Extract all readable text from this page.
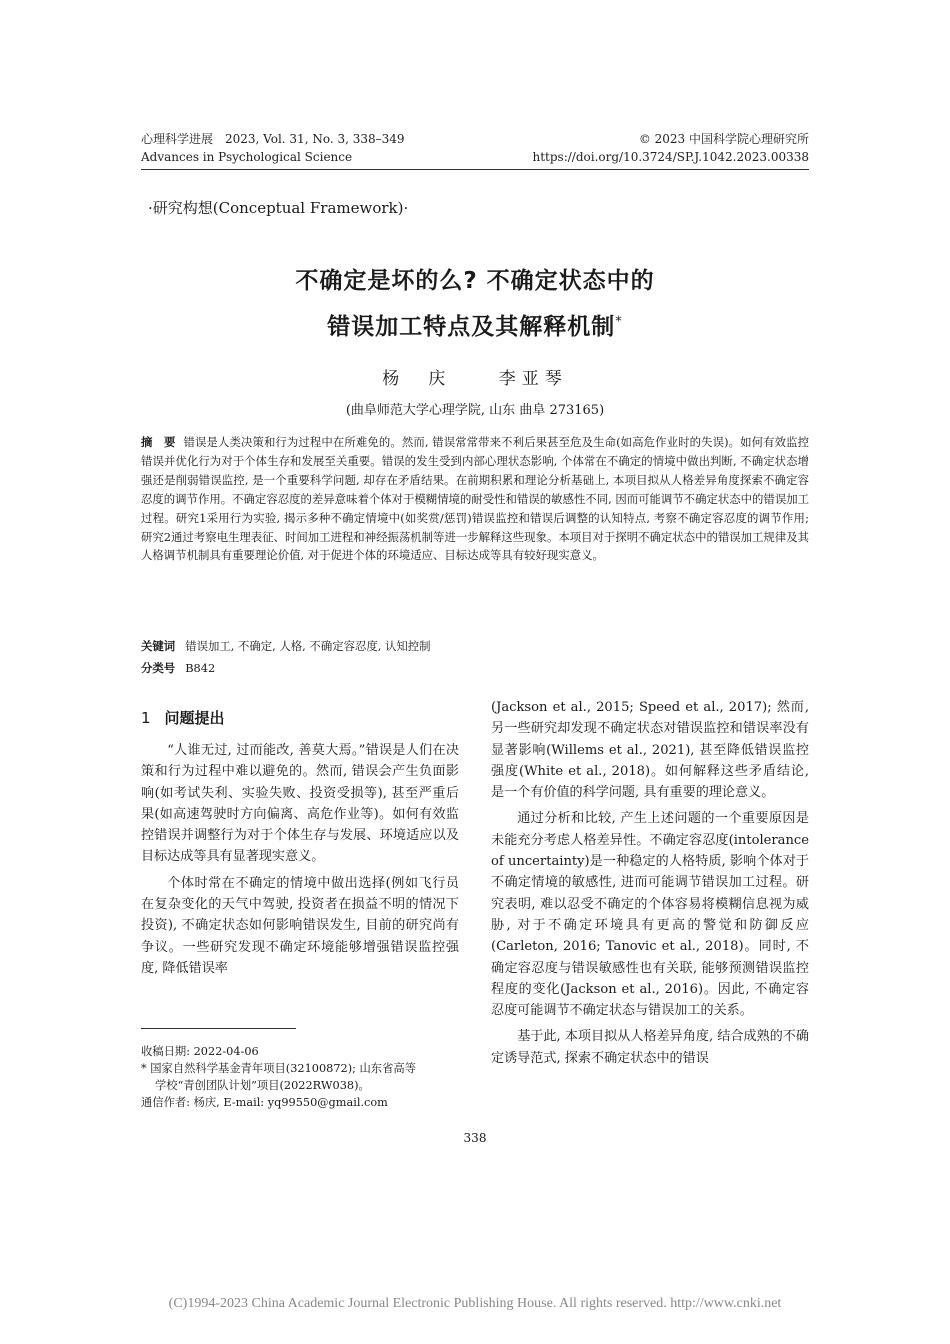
心理科学进展　2023, Vol. 31, No. 3, 338–349
Advances in Psychological Science
© 2023 中国科学院心理研究所
https://doi.org/10.3724/SP.J.1042.2023.00338
·研究构想(Conceptual Framework)·
不确定是坏的么? 不确定状态中的
错误加工特点及其解释机制*
杨　庆	李亚琴
(曲阜师范大学心理学院, 山东 曲阜 273165)
摘　要 错误是人类决策和行为过程中在所难免的。然而, 错误常常带来不利后果甚至危及生命(如高危作业时的失误)。如何有效监控错误并优化行为对于个体生存和发展至关重要。错误的发生受到内部心理状态影响, 个体常在不确定的情境中做出判断, 不确定状态增强还是削弱错误监控, 是一个重要科学问题, 却存在矛盾结果。在前期积累和理论分析基础上, 本项目拟从人格差异角度探索不确定容忍度的调节作用。不确定容忍度的差异意味着个体对于模糊情境的耐受性和错误的敏感性不同, 因而可能调节不确定状态中的错误加工过程。研究1采用行为实验, 揭示多种不确定情境中(如奖赏/惩罚)错误监控和错误后调整的认知特点, 考察不确定容忍度的调节作用; 研究2通过考察电生理表征、时间加工进程和神经振荡机制等进一步解释这些现象。本项目对于探明不确定状态中的错误加工规律及其人格调节机制具有重要理论价值, 对于促进个体的环境适应、目标达成等具有较好现实意义。
关键词 错误加工, 不确定, 人格, 不确定容忍度, 认知控制
分类号 B842
1 问题提出

“人谁无过, 过而能改, 善莫大焉。”错误是人们在决策和行为过程中难以避免的。然而, 错误会产生负面影响(如考试失利、实验失败、投资受损等), 甚至严重后果(如高速驾驶时方向偏离、高危作业等)。如何有效监控错误并调整行为对于个体生存与发展、环境适应以及目标达成等具有显著现实意义。

个体时常在不确定的情境中做出选择(例如飞行员在复杂变化的天气中驾驶, 投资者在损益不明的情况下投资), 不确定状态如何影响错误发生, 目前的研究尚有争议。一些研究发现不确定环境能够增强错误监控强度, 降低错误率

(Jackson et al., 2015; Speed et al., 2017); 然而, 另一些研究却发现不确定状态对错误监控和错误率没有显著影响(Willems et al., 2021), 甚至降低错误监控强度(White et al., 2018)。如何解释这些矛盾结论, 是一个有价值的科学问题, 具有重要的理论意义。

通过分析和比较, 产生上述问题的一个重要原因是未能充分考虑人格差异性。不确定容忍度(intolerance of uncertainty)是一种稳定的人格特质, 影响个体对于不确定情境的敏感性, 进而可能调节错误加工过程。研究表明, 难以忍受不确定的个体容易将模糊信息视为威胁, 对于不确定环境具有更高的警觉和防御反应(Carleton, 2016; Tanovic et al., 2018)。同时, 不确定容忍度与错误敏感性也有关联, 能够预测错误监控程度的变化(Jackson et al., 2016)。因此, 不确定容忍度可能调节不确定状态与错误加工的关系。

基于此, 本项目拟从人格差异角度, 结合成熟的不确定诱导范式, 探索不确定状态中的错误

收稿日期: 2022-04-06
* 国家自然科学基金青年项目(32100872); 山东省高等
学校“青创团队计划”项目(2022RW038)。
通信作者: 杨庆, E-mail: yq99550@gmail.com
338
(C)1994-2023 China Academic Journal Electronic Publishing House. All rights reserved. http://www.cnki.net
